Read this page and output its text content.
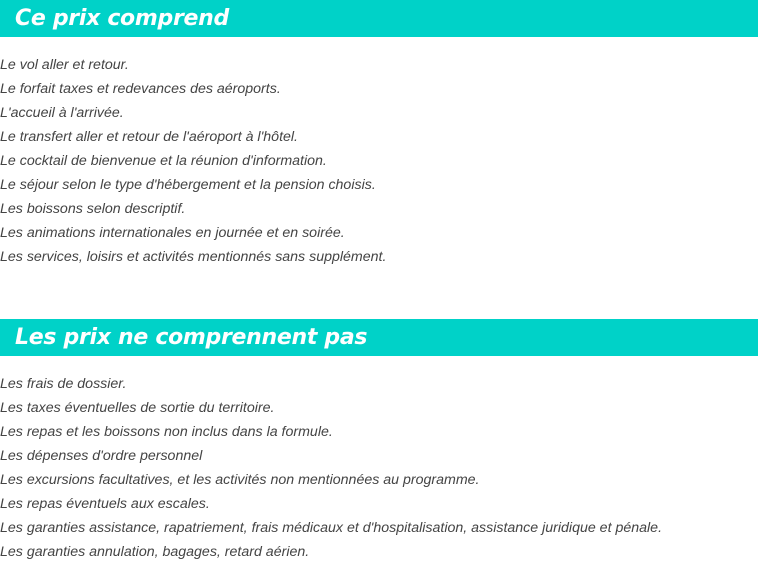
Ce prix comprend
Le vol aller et retour.
Le forfait taxes et redevances des aéroports.
L'accueil à l'arrivée.
Le transfert aller et retour de l'aéroport à l'hôtel.
Le cocktail de bienvenue et la réunion d'information.
Le séjour selon le type d'hébergement et la pension choisis.
Les boissons selon descriptif.
Les animations internationales en journée et en soirée.
Les services, loisirs et activités mentionnés sans supplément.
Les prix ne comprennent pas
Les frais de dossier.
Les taxes éventuelles de sortie du territoire.
Les repas et les boissons non inclus dans la formule.
Les dépenses d'ordre personnel
Les excursions facultatives, et les activités non mentionnées au programme.
Les repas éventuels aux escales.
Les garanties assistance, rapatriement, frais médicaux et d'hospitalisation, assistance juridique et pénale.
Les garanties annulation, bagages, retard aérien.
